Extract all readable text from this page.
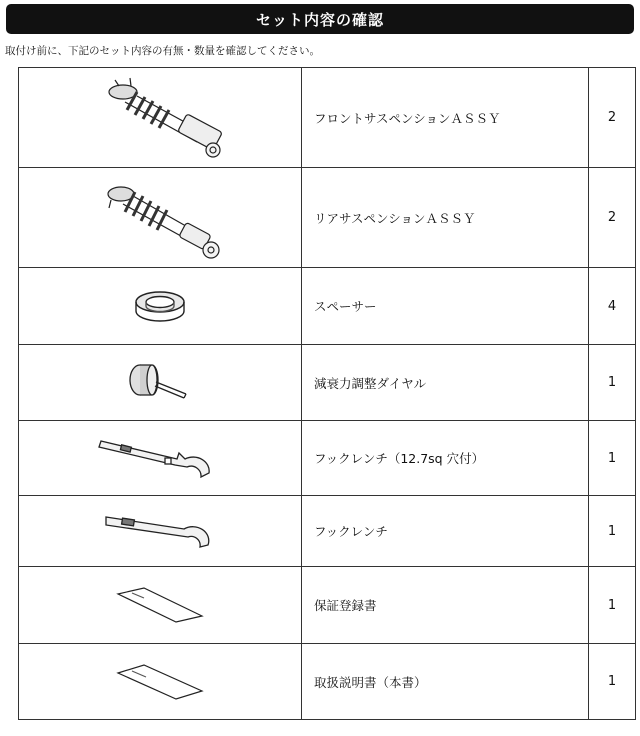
セット内容の確認
取付け前に、下記のセット内容の有無・数量を確認してください。
	フロントサスペンションＡＳＳＹ	2

	リアサスペンションＡＳＳＹ	2

	スペーサー	4

	減衰力調整ダイヤル	1

	フックレンチ（12.7sq 穴付）	1

	フックレンチ	1

	保証登録書	1

	取扱説明書（本書）	1
